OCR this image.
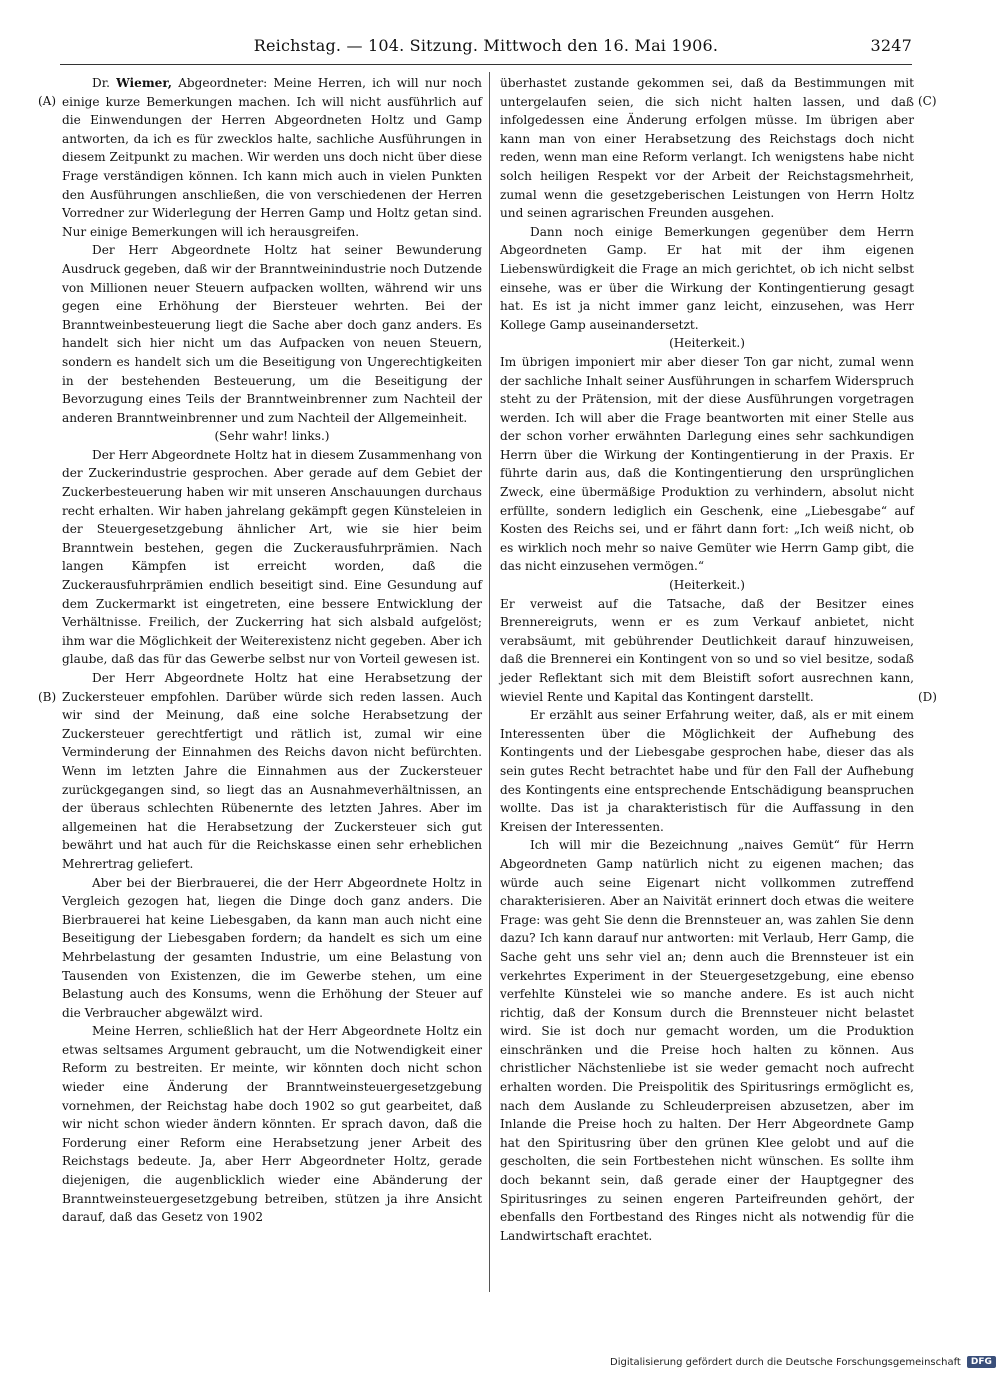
Reichstag. — 104. Sitzung. Mittwoch den 16. Mai 1906.	3247
(A)
(B)
(C)
(D)

Dr. Wiemer, Abgeordneter: Meine Herren, ich will nur noch einige kurze Bemerkungen machen. Ich will nicht ausführlich auf die Einwendungen der Herren Abgeordneten Holtz und Gamp antworten, da ich es für zwecklos halte, sachliche Ausführungen in diesem Zeitpunkt zu machen. Wir werden uns doch nicht über diese Frage verständigen können. Ich kann mich auch in vielen Punkten den Ausführungen anschließen, die von verschiedenen der Herren Vorredner zur Widerlegung der Herren Gamp und Holtz getan sind. Nur einige Bemerkungen will ich herausgreifen.

Der Herr Abgeordnete Holtz hat seiner Bewunderung Ausdruck gegeben, daß wir der Branntweinindustrie noch Dutzende von Millionen neuer Steuern aufpacken wollten, während wir uns gegen eine Erhöhung der Biersteuer wehrten. Bei der Branntweinbesteuerung liegt die Sache aber doch ganz anders. Es handelt sich hier nicht um das Aufpacken von neuen Steuern, sondern es handelt sich um die Beseitigung von Ungerechtigkeiten in der bestehenden Besteuerung, um die Beseitigung der Bevorzugung eines Teils der Branntweinbrenner zum Nachteil der anderen Branntweinbrenner und zum Nachteil der Allgemeinheit.

(Sehr wahr! links.)

Der Herr Abgeordnete Holtz hat in diesem Zusammenhang von der Zuckerindustrie gesprochen. Aber gerade auf dem Gebiet der Zuckerbesteuerung haben wir mit unseren Anschauungen durchaus recht erhalten. Wir haben jahrelang gekämpft gegen Künsteleien in der Steuergesetzgebung ähnlicher Art, wie sie hier beim Branntwein bestehen, gegen die Zuckerausfuhrprämien. Nach langen Kämpfen ist erreicht worden, daß die Zuckerausfuhrprämien endlich beseitigt sind. Eine Gesundung auf dem Zuckermarkt ist eingetreten, eine bessere Entwicklung der Verhältnisse. Freilich, der Zuckerring hat sich alsbald aufgelöst; ihm war die Möglichkeit der Weiterexistenz nicht gegeben. Aber ich glaube, daß das für das Gewerbe selbst nur von Vorteil gewesen ist.

Der Herr Abgeordnete Holtz hat eine Herabsetzung der Zuckersteuer empfohlen. Darüber würde sich reden lassen. Auch wir sind der Meinung, daß eine solche Herabsetzung der Zuckersteuer gerechtfertigt und rätlich ist, zumal wir eine Verminderung der Einnahmen des Reichs davon nicht befürchten. Wenn im letzten Jahre die Einnahmen aus der Zuckersteuer zurückgegangen sind, so liegt das an Ausnahmeverhältnissen, an der überaus schlechten Rübenernte des letzten Jahres. Aber im allgemeinen hat die Herabsetzung der Zuckersteuer sich gut bewährt und hat auch für die Reichskasse einen sehr erheblichen Mehrertrag geliefert.

Aber bei der Bierbrauerei, die der Herr Abgeordnete Holtz in Vergleich gezogen hat, liegen die Dinge doch ganz anders. Die Bierbrauerei hat keine Liebesgaben, da kann man auch nicht eine Beseitigung der Liebesgaben fordern; da handelt es sich um eine Mehrbelastung der gesamten Industrie, um eine Belastung von Tausenden von Existenzen, die im Gewerbe stehen, um eine Belastung auch des Konsums, wenn die Erhöhung der Steuer auf die Verbraucher abgewälzt wird.

Meine Herren, schließlich hat der Herr Abgeordnete Holtz ein etwas seltsames Argument gebraucht, um die Notwendigkeit einer Reform zu bestreiten. Er meinte, wir könnten doch nicht schon wieder eine Änderung der Branntweinsteuergesetzgebung vornehmen, der Reichstag habe doch 1902 so gut gearbeitet, daß wir nicht schon wieder ändern könnten. Er sprach davon, daß die Forderung einer Reform eine Herabsetzung jener Arbeit des Reichstags bedeute. Ja, aber Herr Abgeordneter Holtz, gerade diejenigen, die augenblicklich wieder eine Abänderung der Branntweinsteuergesetzgebung betreiben, stützen ja ihre Ansicht darauf, daß das Gesetz von 1902

überhastet zustande gekommen sei, daß da Bestimmungen mit untergelaufen seien, die sich nicht halten lassen, und daß infolgedessen eine Änderung erfolgen müsse. Im übrigen aber kann man von einer Herabsetzung des Reichstags doch nicht reden, wenn man eine Reform verlangt. Ich wenigstens habe nicht solch heiligen Respekt vor der Arbeit der Reichstagsmehrheit, zumal wenn die gesetzgeberischen Leistungen von Herrn Holtz und seinen agrarischen Freunden ausgehen.

Dann noch einige Bemerkungen gegenüber dem Herrn Abgeordneten Gamp. Er hat mit der ihm eigenen Liebenswürdigkeit die Frage an mich gerichtet, ob ich nicht selbst einsehe, was er über die Wirkung der Kontingentierung gesagt hat. Es ist ja nicht immer ganz leicht, einzusehen, was Herr Kollege Gamp auseinandersetzt.

(Heiterkeit.)

Im übrigen imponiert mir aber dieser Ton gar nicht, zumal wenn der sachliche Inhalt seiner Ausführungen in scharfem Widerspruch steht zu der Prätension, mit der diese Ausführungen vorgetragen werden. Ich will aber die Frage beantworten mit einer Stelle aus der schon vorher erwähnten Darlegung eines sehr sachkundigen Herrn über die Wirkung der Kontingentierung in der Praxis. Er führte darin aus, daß die Kontingentierung den ursprünglichen Zweck, eine übermäßige Produktion zu verhindern, absolut nicht erfüllte, sondern lediglich ein Geschenk, eine „Liebesgabe“ auf Kosten des Reichs sei, und er fährt dann fort: „Ich weiß nicht, ob es wirklich noch mehr so naive Gemüter wie Herrn Gamp gibt, die das nicht einzusehen vermögen.“

(Heiterkeit.)

Er verweist auf die Tatsache, daß der Besitzer eines Brennereigruts, wenn er es zum Verkauf anbietet, nicht verabsäumt, mit gebührender Deutlichkeit darauf hinzuweisen, daß die Brennerei ein Kontingent von so und so viel besitze, sodaß jeder Reflektant sich mit dem Bleistift sofort ausrechnen kann, wieviel Rente und Kapital das Kontingent darstellt.

Er erzählt aus seiner Erfahrung weiter, daß, als er mit einem Interessenten über die Möglichkeit der Aufhebung des Kontingents und der Liebesgabe gesprochen habe, dieser das als sein gutes Recht betrachtet habe und für den Fall der Aufhebung des Kontingents eine entsprechende Entschädigung beanspruchen wollte. Das ist ja charakteristisch für die Auffassung in den Kreisen der Interessenten.

Ich will mir die Bezeichnung „naives Gemüt“ für Herrn Abgeordneten Gamp natürlich nicht zu eigenen machen; das würde auch seine Eigenart nicht vollkommen zutreffend charakterisieren. Aber an Naivität erinnert doch etwas die weitere Frage: was geht Sie denn die Brennsteuer an, was zahlen Sie denn dazu? Ich kann darauf nur antworten: mit Verlaub, Herr Gamp, die Sache geht uns sehr viel an; denn auch die Brennsteuer ist ein verkehrtes Experiment in der Steuergesetzgebung, eine ebenso verfehlte Künstelei wie so manche andere. Es ist auch nicht richtig, daß der Konsum durch die Brennsteuer nicht belastet wird. Sie ist doch nur gemacht worden, um die Produktion einschränken und die Preise hoch halten zu können. Aus christlicher Nächstenliebe ist sie weder gemacht noch aufrecht erhalten worden. Die Preispolitik des Spiritusrings ermöglicht es, nach dem Auslande zu Schleuderpreisen abzusetzen, aber im Inlande die Preise hoch zu halten. Der Herr Abgeordnete Gamp hat den Spiritusring über den grünen Klee gelobt und auf die gescholten, die sein Fortbestehen nicht wünschen. Es sollte ihm doch bekannt sein, daß gerade einer der Hauptgegner des Spiritusringes zu seinen engeren Parteifreunden gehört, der ebenfalls den Fortbestand des Ringes nicht als notwendig für die Landwirtschaft erachtet.

Digitalisierung gefördert durch die Deutsche Forschungsgemeinschaft	DFG
